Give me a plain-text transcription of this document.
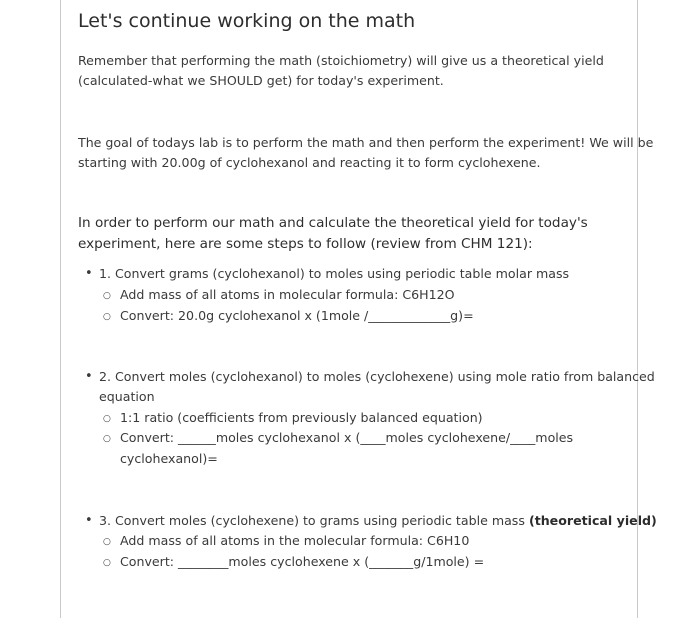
Let's continue working on the math
Remember that performing the math (stoichiometry) will give us a theoretical yield
(calculated-what we SHOULD get) for today's experiment.
The goal of todays lab is to perform the math and then perform the experiment! We will be
starting with 20.00g of cyclohexanol and reacting it to form cyclohexene.
In order to perform our math and calculate the theoretical yield for today's
experiment, here are some steps to follow (review from CHM 121):
• 1. Convert grams (cyclohexanol) to moles using periodic table molar mass
○ Add mass of all atoms in molecular formula: C6H12O
○ Convert: 20.0g cyclohexanol x (1mole /_____________g)=
• 2. Convert moles (cyclohexanol) to moles (cyclohexene) using mole ratio from balanced
equation
○ 1:1 ratio (coefficients from previously balanced equation)
○ Convert: ______moles cyclohexanol x (____moles cyclohexene/____moles
cyclohexanol)=
• 3. Convert moles (cyclohexene) to grams using periodic table mass (theoretical yield)
○ Add mass of all atoms in the molecular formula: C6H10
○ Convert: ________moles cyclohexene x (_______g/1mole) =
